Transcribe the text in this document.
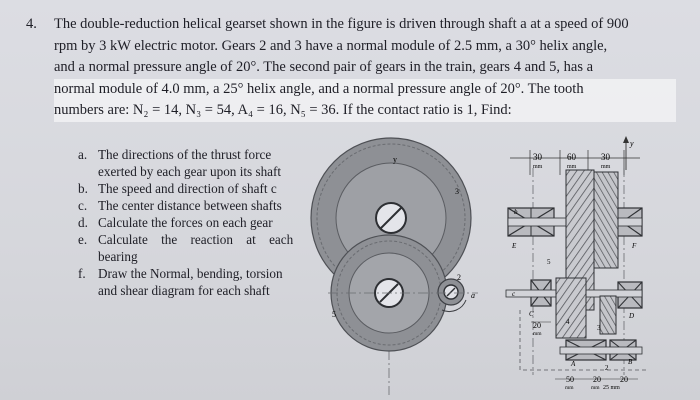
4. The double-reduction helical gearset shown in the figure is driven through shaft a at a speed of 900
rpm by 3 kW electric motor. Gears 2 and 3 have a normal module of 2.5 mm, a 30° helix angle,
and a normal pressure angle of 20°. The second pair of gears in the train, gears 4 and 5, has a
normal module of 4.0 mm, a 25° helix angle, and a normal pressure angle of 20°. The tooth
numbers are: N₂ = 14, N₃ = 54, A₄ = 16, N₅ = 36. If the contact ratio is 1, Find:
a. The directions of the thrust force
exerted by each gear upon its shaft
b. The speed and direction of shaft c
c. The center distance between shafts
d. Calculate the forces on each gear
e. Calculate the reaction at each
bearing
f. Draw the Normal, bending, torsion
and shear diagram for each shaft
y
3
2
5
a
y
30
mm
60
mm
30
mm
E	F
b
5
3
C
4
D
c
A	2
B
20
mm
50
mm
20
mm
20
25 mm
